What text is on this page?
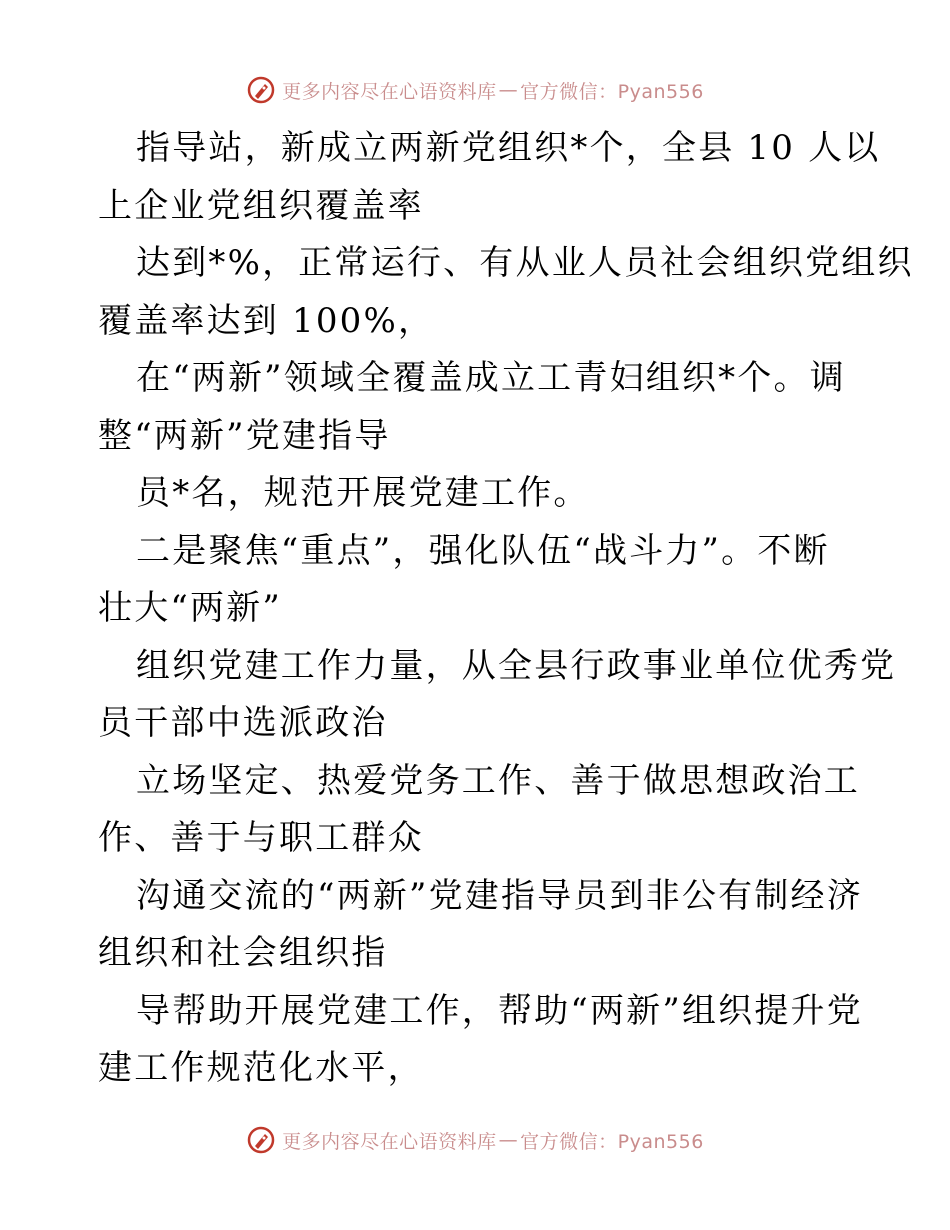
更多内容尽在心语资料库 — 官方微信：Pyan556

指导站，新成立两新党组织*个，全县 10 人以
上企业党组织覆盖率

达到*%，正常运行、有从业人员社会组织党组织
覆盖率达到 100%，

在“两新”领域全覆盖成立工青妇组织*个。调
整“两新”党建指导

员*名，规范开展党建工作。

二是聚焦“重点”，强化队伍“战斗力”。不断
壮大“两新”

组织党建工作力量，从全县行政事业单位优秀党
员干部中选派政治

立场坚定、热爱党务工作、善于做思想政治工
作、善于与职工群众

沟通交流的“两新”党建指导员到非公有制经济
组织和社会组织指

导帮助开展党建工作，帮助“两新”组织提升党
建工作规范化水平，

更多内容尽在心语资料库 — 官方微信：Pyan556
